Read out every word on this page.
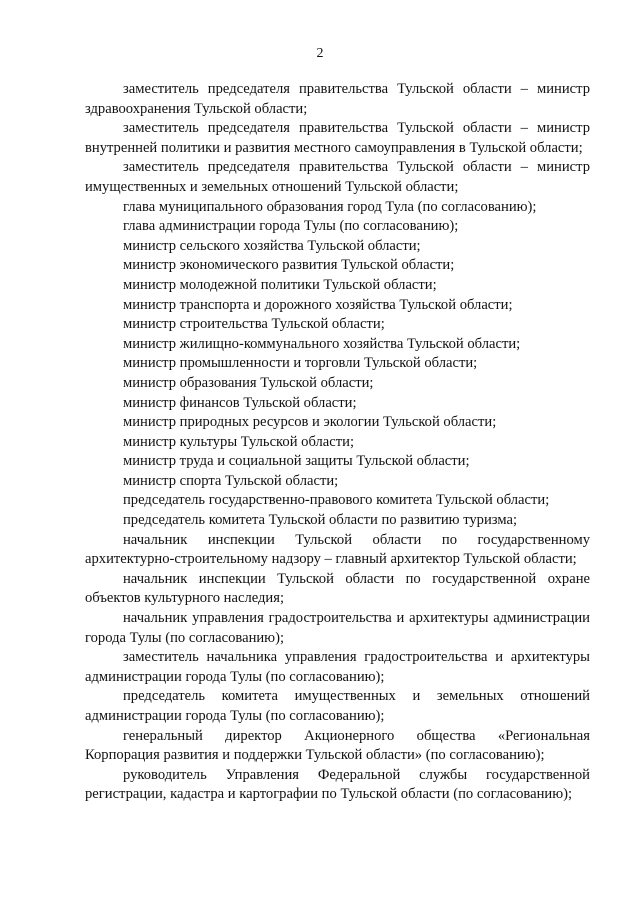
2

заместитель председателя правительства Тульской области – министр здравоохранения Тульской области;

заместитель председателя правительства Тульской области – министр внутренней политики и развития местного самоуправления в Тульской области;

заместитель председателя правительства Тульской области – министр имущественных и земельных отношений Тульской области;

глава муниципального образования город Тула (по согласованию);

глава администрации города Тулы (по согласованию);

министр сельского хозяйства Тульской области;

министр экономического развития Тульской области;

министр молодежной политики Тульской области;

министр транспорта и дорожного хозяйства Тульской области;

министр строительства Тульской области;

министр жилищно-коммунального хозяйства Тульской области;

министр промышленности и торговли Тульской области;

министр образования Тульской области;

министр финансов Тульской области;

министр природных ресурсов и экологии Тульской области;

министр культуры Тульской области;

министр труда и социальной защиты Тульской области;

министр спорта Тульской области;

председатель государственно-правового комитета Тульской области;

председатель комитета Тульской области по развитию туризма;

начальник инспекции Тульской области по государственному архитектурно-строительному надзору – главный архитектор Тульской области;

начальник инспекции Тульской области по государственной охране объектов культурного наследия;

начальник управления градостроительства и архитектуры администрации города Тулы (по согласованию);

заместитель начальника управления градостроительства и архитектуры администрации города Тулы (по согласованию);

председатель комитета имущественных и земельных отношений администрации города Тулы (по согласованию);

генеральный директор Акционерного общества «Региональная Корпорация развития и поддержки Тульской области» (по согласованию);

руководитель Управления Федеральной службы государственной регистрации, кадастра и картографии по Тульской области (по согласованию);
